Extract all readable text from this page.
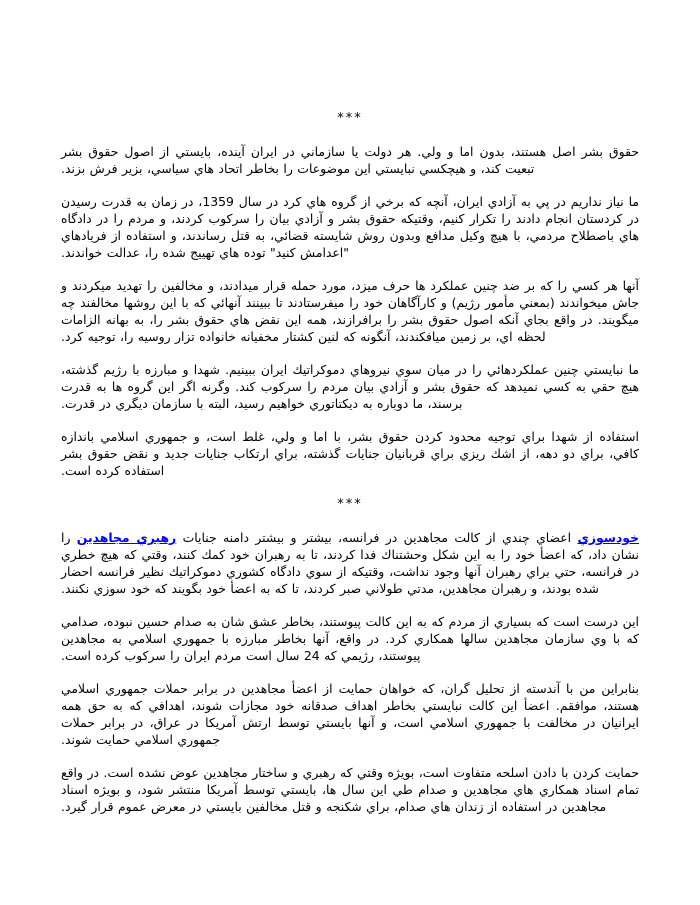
***

حقوق بشر اصل هستند، بدون اما و ولي. هر دولت يا سازماني در ايران آينده، بايستي از اصول حقوق بشر تبعيت كند، و هيچكسي نبايستي اين موضوعات را بخاطر اتحاد هاي سياسي، بزير فرش بزند.

ما نياز نداريم در پي به آزادي ايران، آنچه كه برخي از گروه هاي كرد در سال 1359، در زمان به قدرت رسيدن در كردستان انجام دادند را تكرار كنيم، وقتيكه حقوق بشر و آزادي بيان را سركوب كردند، و مردم را در دادگاه هاي باصطلاح مردمي، با هيچ وكيل مدافع وبدون روش شايسته قضائي، به قتل رساندند، و استفاده از فريادهاي "اعدامش كنيد" توده هاي تهييج شده را، عدالت خواندند.

آنها هر كسي را كه بر ضد چنين عملكرد ها حرف ميزد، مورد حمله قرار ميدادند، و مخالفين را تهديد ميكردند و جاش ميخواندند (بمعني مأمور رژيم) و كارآگاهان خود را ميفرستادند تا ببينند آنهائي كه با اين روشها مخالفند چه ميگويند. در واقع بجاي آنكه اصول حقوق بشر را برافرازند، همه اين نقض هاي حقوق بشر را، به بهانه الزامات لحظه اي، بر زمين ميافكندند، آنگونه كه لنين كشتار مخفيانه خانواده تزار روسيه را، توجيه كرد.

ما نبايستي چنين عملكردهائي را در ميان سوي نيروهاي دموكراتيك ايران ببينيم. شهدا و مبارزه با رژيم گذشته، هيچ حقي به كسي نميدهد كه حقوق بشر و آزادي بيان مردم را سركوب كند. وگرنه اگر اين گروه ها به قدرت برسند، ما دوباره به ديكتاتوري خواهيم رسيد، البته با سازمان ديگري در قدرت.

استفاده از شهدا براي توجيه محدود كردن حقوق بشر، با اما و ولي، غلط است، و جمهوري اسلامي باندازه كافي، براي دو دهه، از اشك ريزي براي قربانيان جنايات گذشته، براي ارتكاب جنايات جديد و نقض حقوق بشر استفاده كرده است.

***

خودسوزي اعضاي چندي از كالت مجاهدين در فرانسه، بيشتر و بيشتر دامنه جنايات رهبري مجاهدين را نشان داد، كه اعضأ خود را به اين شكل وحشتناك فدا كردند، تا به رهبران خود كمك كنند، وقتي كه هيچ خطري در فرانسه، حتي براي رهبران آنها وجود نداشت، وقتيكه از سوي دادگاه كشوري دموكراتيك نظير فرانسه احضار شده بودند، و رهبران مجاهدين، مدتي طولاني صبر كردند، تا كه به اعضأ خود بگويند كه خود سوزي نكنند.

اين درست است كه بسياري از مردم كه به اين كالت پيوستند، بخاطر عشق شان به صدام حسين نبوده، صدامي كه با وي سازمان مجاهدين سالها همكاري كرد. در واقع، آنها بخاطر مبارزه با جمهوري اسلامي به مجاهدين پيوستند، رژيمي كه 24 سال است مردم ايران را سركوب كرده است.

بنابراين من با آندسته از تحليل گران، كه خواهان حمايت از اعضأ مجاهدين در برابر حملات جمهوري اسلامي هستند، موافقم. اعضأ اين كالت نبايستي بخاطر اهداف صدقانه خود مجازات شوند، اهدافي كه به حق همه ايرانيان در مخالفت با جمهوري اسلامي است، و آنها بايستي توسط ارتش آمريكا در عراق، در برابر حملات جمهوري اسلامي حمايت شوند.

حمايت كردن با دادن اسلحه متفاوت است، بويژه وقتي كه رهبري و ساختار مجاهدين عوض نشده است. در واقع تمام اسناد همكاري هاي مجاهدين و صدام طي اين سال ها، بايستي توسط آمريكا منتشر شود، و بويژه اسناد مجاهدين در استفاده از زندان هاي صدام، براي شكنجه و قتل مخالفين بايستي در معرض عموم قرار گيرد.
